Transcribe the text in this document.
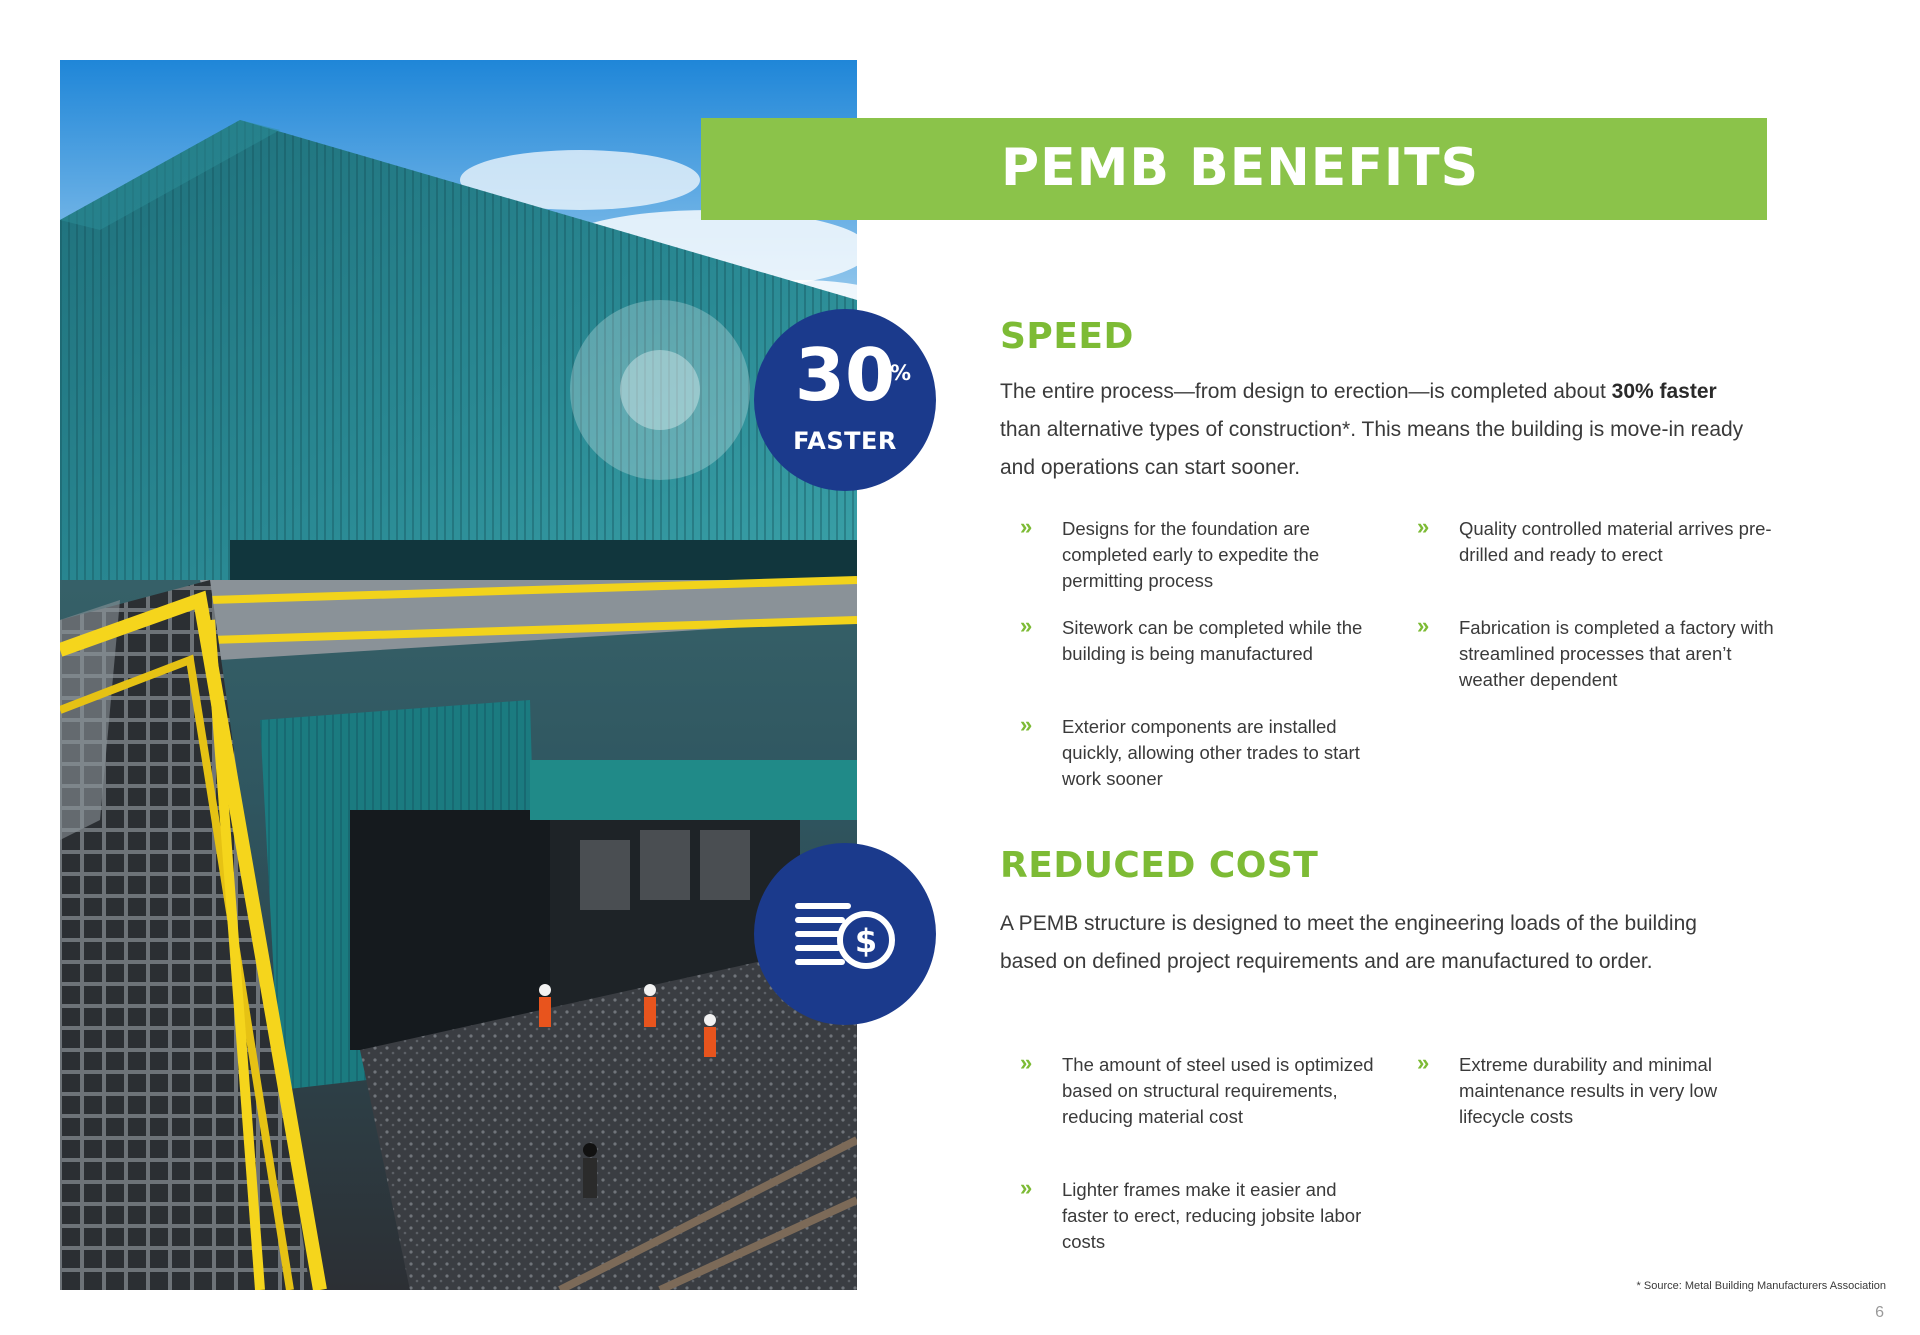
PEMB BENEFITS
30
%
FASTER
$
SPEED
The entire process—from design to erection—is completed about 30% faster than alternative types of construction*. This means the building is move-in ready and operations can start sooner.
» Designs for the foundation are completed early to expedite the permitting process
» Sitework can be completed while the building is being manufactured
» Exterior components are installed quickly, allowing other trades to start work sooner
» Quality controlled material arrives pre-drilled and ready to erect
» Fabrication is completed a factory with streamlined processes that aren’t weather dependent
REDUCED COST
A PEMB structure is designed to meet the engineering loads of the building based on defined project requirements and are manufactured to order.
» The amount of steel used is optimized based on structural requirements, reducing material cost
» Lighter frames make it easier and faster to erect, reducing jobsite labor costs
» Extreme durability and minimal maintenance results in very low lifecycle costs
* Source: Metal Building Manufacturers Association
6
